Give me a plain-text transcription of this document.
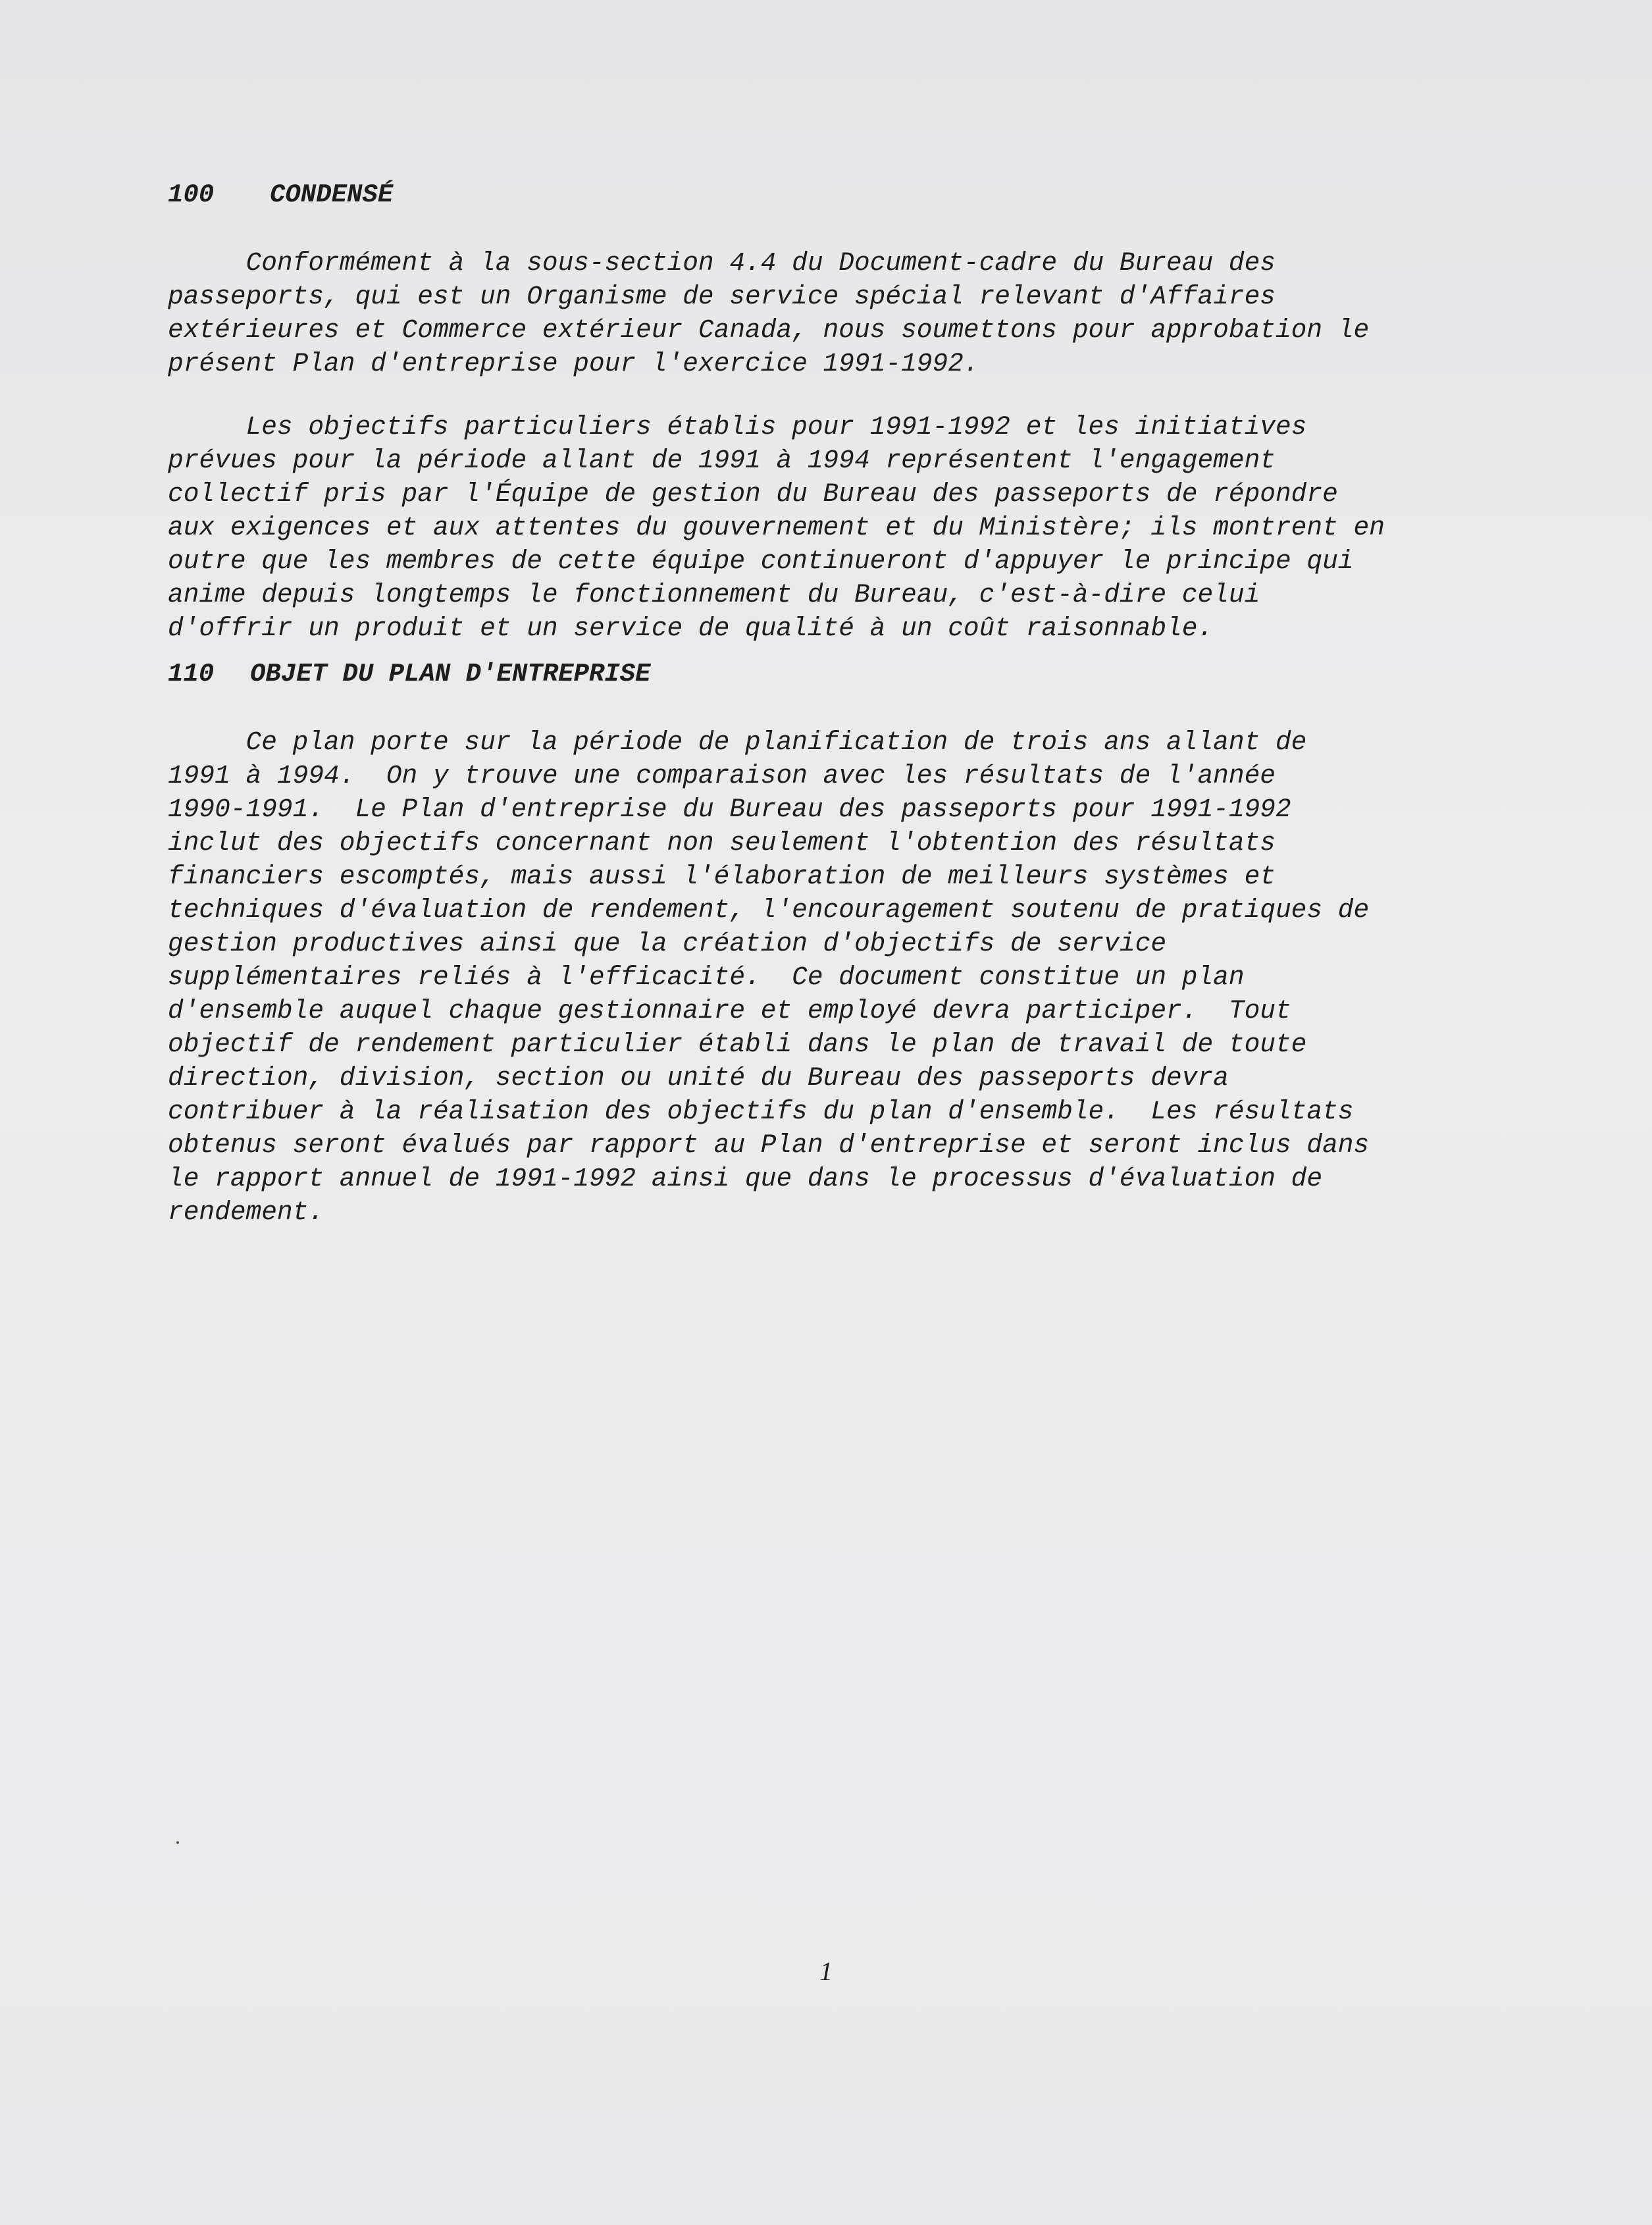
100 CONDENSÉ

Conformément à la sous-section 4.4 du Document-cadre du Bureau des
passeports, qui est un Organisme de service spécial relevant d'Affaires
extérieures et Commerce extérieur Canada, nous soumettons pour approbation le
présent Plan d'entreprise pour l'exercice 1991-1992.

Les objectifs particuliers établis pour 1991-1992 et les initiatives
prévues pour la période allant de 1991 à 1994 représentent l'engagement
collectif pris par l'Équipe de gestion du Bureau des passeports de répondre
aux exigences et aux attentes du gouvernement et du Ministère; ils montrent en
outre que les membres de cette équipe continueront d'appuyer le principe qui
anime depuis longtemps le fonctionnement du Bureau, c'est-à-dire celui
d'offrir un produit et un service de qualité à un coût raisonnable.

110 OBJET DU PLAN D'ENTREPRISE

Ce plan porte sur la période de planification de trois ans allant de
1991 à 1994.  On y trouve une comparaison avec les résultats de l'année
1990-1991.  Le Plan d'entreprise du Bureau des passeports pour 1991-1992
inclut des objectifs concernant non seulement l'obtention des résultats
financiers escomptés, mais aussi l'élaboration de meilleurs systèmes et
techniques d'évaluation de rendement, l'encouragement soutenu de pratiques de
gestion productives ainsi que la création d'objectifs de service
supplémentaires reliés à l'efficacité.  Ce document constitue un plan
d'ensemble auquel chaque gestionnaire et employé devra participer.  Tout
objectif de rendement particulier établi dans le plan de travail de toute
direction, division, section ou unité du Bureau des passeports devra
contribuer à la réalisation des objectifs du plan d'ensemble.  Les résultats
obtenus seront évalués par rapport au Plan d'entreprise et seront inclus dans
le rapport annuel de 1991-1992 ainsi que dans le processus d'évaluation de
rendement.

1
